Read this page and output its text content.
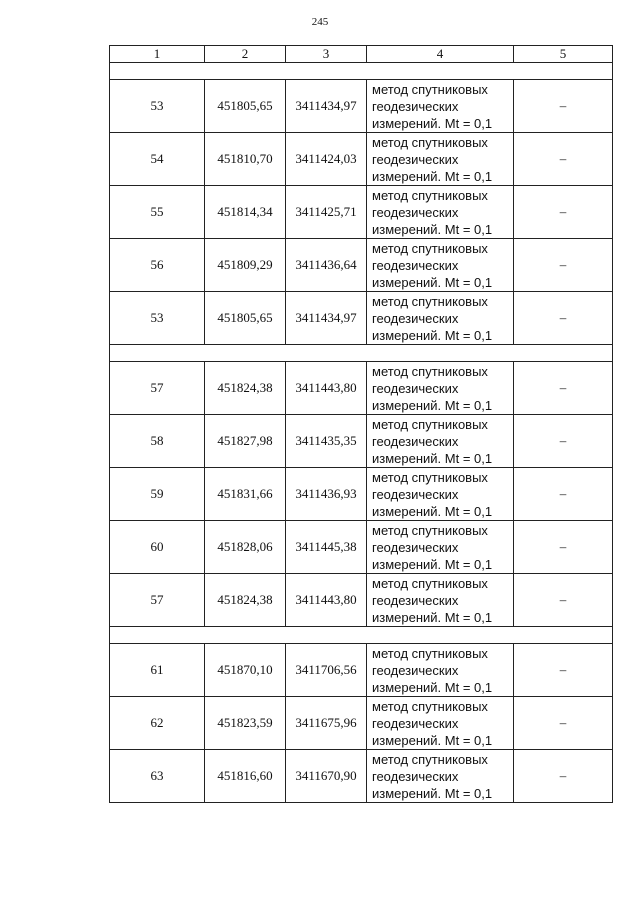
245
1	2	3	4	5

53	451805,65	3411434,97	метод спутниковых
геодезических
измерений. Mt = 0,1	–
54	451810,70	3411424,03	метод спутниковых
геодезических
измерений. Mt = 0,1	–
55	451814,34	3411425,71	метод спутниковых
геодезических
измерений. Mt = 0,1	–
56	451809,29	3411436,64	метод спутниковых
геодезических
измерений. Mt = 0,1	–
53	451805,65	3411434,97	метод спутниковых
геодезических
измерений. Mt = 0,1	–

57	451824,38	3411443,80	метод спутниковых
геодезических
измерений. Mt = 0,1	–
58	451827,98	3411435,35	метод спутниковых
геодезических
измерений. Mt = 0,1	–
59	451831,66	3411436,93	метод спутниковых
геодезических
измерений. Mt = 0,1	–
60	451828,06	3411445,38	метод спутниковых
геодезических
измерений. Mt = 0,1	–
57	451824,38	3411443,80	метод спутниковых
геодезических
измерений. Mt = 0,1	–

61	451870,10	3411706,56	метод спутниковых
геодезических
измерений. Mt = 0,1	–
62	451823,59	3411675,96	метод спутниковых
геодезических
измерений. Mt = 0,1	–
63	451816,60	3411670,90	метод спутниковых
геодезических
измерений. Mt = 0,1	–
